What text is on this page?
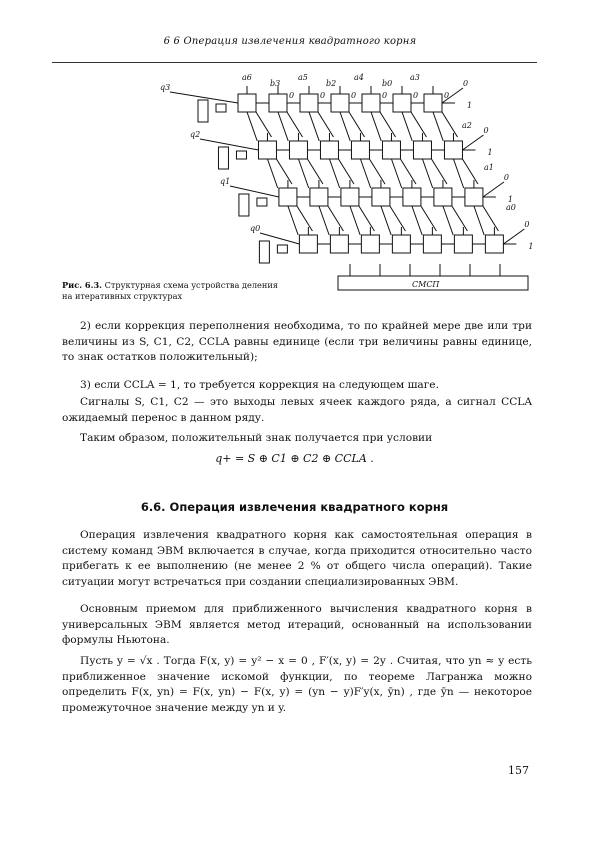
6 6 Операция извлечения квадратного корня
0	0	0	0	0	0
0
1
q3
0
1
q2
0
1
q1
0
1
q0
a6
b3
a5
b2
a4
b0
a3
a2
a1
a0
СМСП
Рис. 6.3. Структурная схема устройства деления на итеративных структурах
2) если коррекция переполнения необходима, то по крайней мере две или три величины из S, C1, C2, CCLA равны единице (если три величины равны единице, то знак остатков положительный);
3) если CCLA = 1, то требуется коррекция на следующем шаге.
Сигналы S, C1, C2 — это выходы левых ячеек каждого ряда, а сигнал CCLA ожидаемый перенос в данном ряду.
Таким образом, положительный знак получается при условии
q+ = S ⊕ C1 ⊕ C2 ⊕ CCLA .
6.6. Операция извлечения квадратного корня
Операция извлечения квадратного корня как самостоятельная операция в систему команд ЭВМ включается в случае, когда приходится относительно часто прибегать к ее выполнению (не менее 2 % от общего числа операций). Такие ситуации могут встречаться при создании специализированных ЭВМ.
Основным приемом для приближенного вычисления квадратного корня в универсальных ЭВМ является метод итераций, основанный на использовании формулы Ньютона.
Пусть y = √x . Тогда F(x, y) = y² − x = 0 , F′(x, y) = 2y . Считая, что yn ≈ y есть приближенное значение искомой функции, по теореме Лагранжа можно определить F(x, yn) = F(x, yn) − F(x, y) = (yn − y)F′y(x, ȳn) , где ȳn — некоторое промежуточное значение между yn и y.
157
